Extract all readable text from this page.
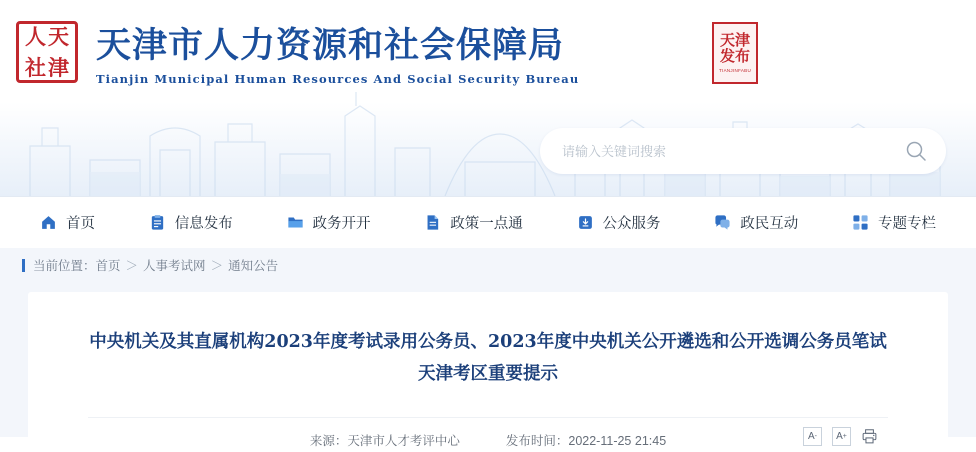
人
社
天
津
天津市人力资源和社会保障局
Tianjin Municipal Human Resources And Social Security Bureau
天津发布
TIANJINFABU
请输入关键词搜索
首页	信息发布	政务开开	政策一点通	公众服务	政民互动	专题专栏
当前位置： 首页 ＞ 人事考试网 ＞ 通知公告
中央机关及其直属机构2023年度考试录用公务员、2023年度中央机关公开遴选和公开选调公务员笔试天津考区重要提示
来源：天津市人才考评中心	发布时间：2022-11-25 21:45	A - A +
